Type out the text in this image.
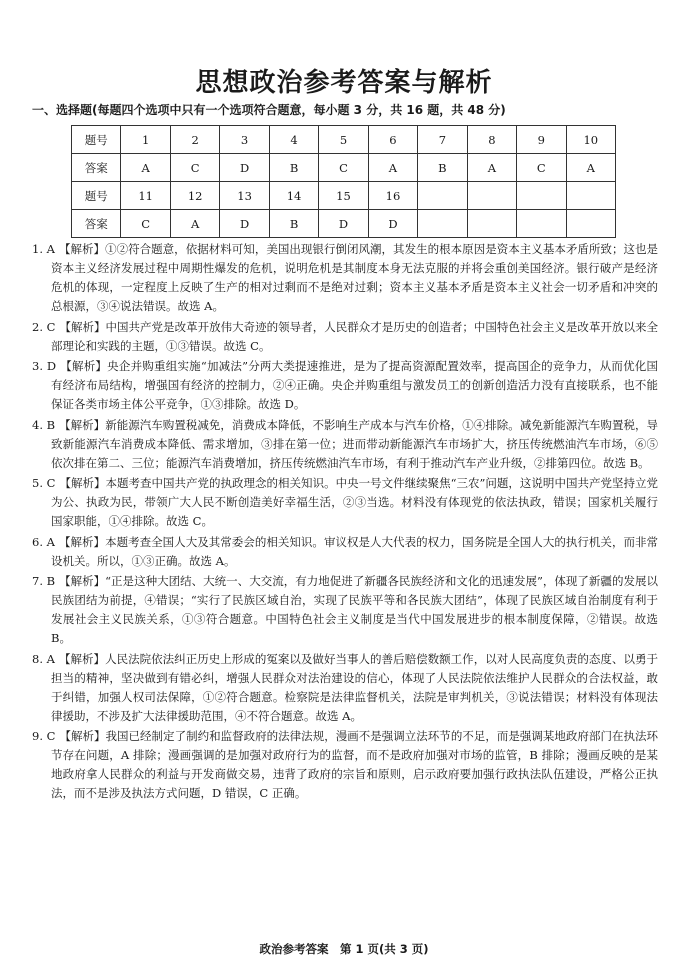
思想政治参考答案与解析
一、选择题(每题四个选项中只有一个选项符合题意，每小题 3 分，共 16 题，共 48 分)
题号	1	2	3	4	5	6	7	8	9	10
答案	A	C	D	B	C	A	B	A	C	A
题号	11	12	13	14	15	16				
答案	C	A	D	B	D	D				
1. A 【解析】①②符合题意，依据材料可知，美国出现银行倒闭风潮，其发生的根本原因是资本主义基本矛盾所致；这也是资本主义经济发展过程中周期性爆发的危机，说明危机是其制度本身无法克服的并将会重创美国经济。银行破产是经济危机的体现，一定程度上反映了生产的相对过剩而不是绝对过剩；资本主义基本矛盾是资本主义社会一切矛盾和冲突的总根源，③④说法错误。故选 A。
2. C 【解析】中国共产党是改革开放伟大奇迹的领导者，人民群众才是历史的创造者；中国特色社会主义是改革开放以来全部理论和实践的主题，①③错误。故选 C。
3. D 【解析】央企并购重组实施“加减法”分两大类提速推进，是为了提高资源配置效率，提高国企的竞争力，从而优化国有经济布局结构，增强国有经济的控制力，②④正确。央企并购重组与激发员工的创新创造活力没有直接联系，也不能保证各类市场主体公平竞争，①③排除。故选 D。
4. B 【解析】新能源汽车购置税减免，消费成本降低，不影响生产成本与汽车价格，①④排除。减免新能源汽车购置税，导致新能源汽车消费成本降低、需求增加，③排在第一位；进而带动新能源汽车市场扩大，挤压传统燃油汽车市场，⑥⑤依次排在第二、三位；能源汽车消费增加，挤压传统燃油汽车市场，有利于推动汽车产业升级，②排第四位。故选 B。
5. C 【解析】本题考查中国共产党的执政理念的相关知识。中央一号文件继续聚焦“三农”问题，这说明中国共产党坚持立党为公、执政为民，带领广大人民不断创造美好幸福生活，②③当选。材料没有体现党的依法执政，错误；国家机关履行国家职能，①④排除。故选 C。
6. A 【解析】本题考查全国人大及其常委会的相关知识。审议权是人大代表的权力，国务院是全国人大的执行机关，而非常设机关。所以，①③正确。故选 A。
7. B 【解析】“正是这种大团结、大统一、大交流，有力地促进了新疆各民族经济和文化的迅速发展”，体现了新疆的发展以民族团结为前提，④错误；“实行了民族区域自治，实现了民族平等和各民族大团结”，体现了民族区域自治制度有利于发展社会主义民族关系，①③符合题意。中国特色社会主义制度是当代中国发展进步的根本制度保障，②错误。故选 B。
8. A 【解析】人民法院依法纠正历史上形成的冤案以及做好当事人的善后赔偿数额工作，以对人民高度负责的态度、以勇于担当的精神，坚决做到有错必纠，增强人民群众对法治建设的信心，体现了人民法院依法维护人民群众的合法权益，敢于纠错，加强人权司法保障，①②符合题意。检察院是法律监督机关，法院是审判机关，③说法错误；材料没有体现法律援助，不涉及扩大法律援助范围，④不符合题意。故选 A。
9. C 【解析】我国已经制定了制约和监督政府的法律法规，漫画不是强调立法环节的不足，而是强调某地政府部门在执法环节存在问题，A 排除；漫画强调的是加强对政府行为的监督，而不是政府加强对市场的监管，B 排除；漫画反映的是某地政府拿人民群众的利益与开发商做交易，违背了政府的宗旨和原则，启示政府要加强行政执法队伍建设，严格公正执法，而不是涉及执法方式问题，D 错误，C 正确。
政治参考答案　第 1 页(共 3 页)
